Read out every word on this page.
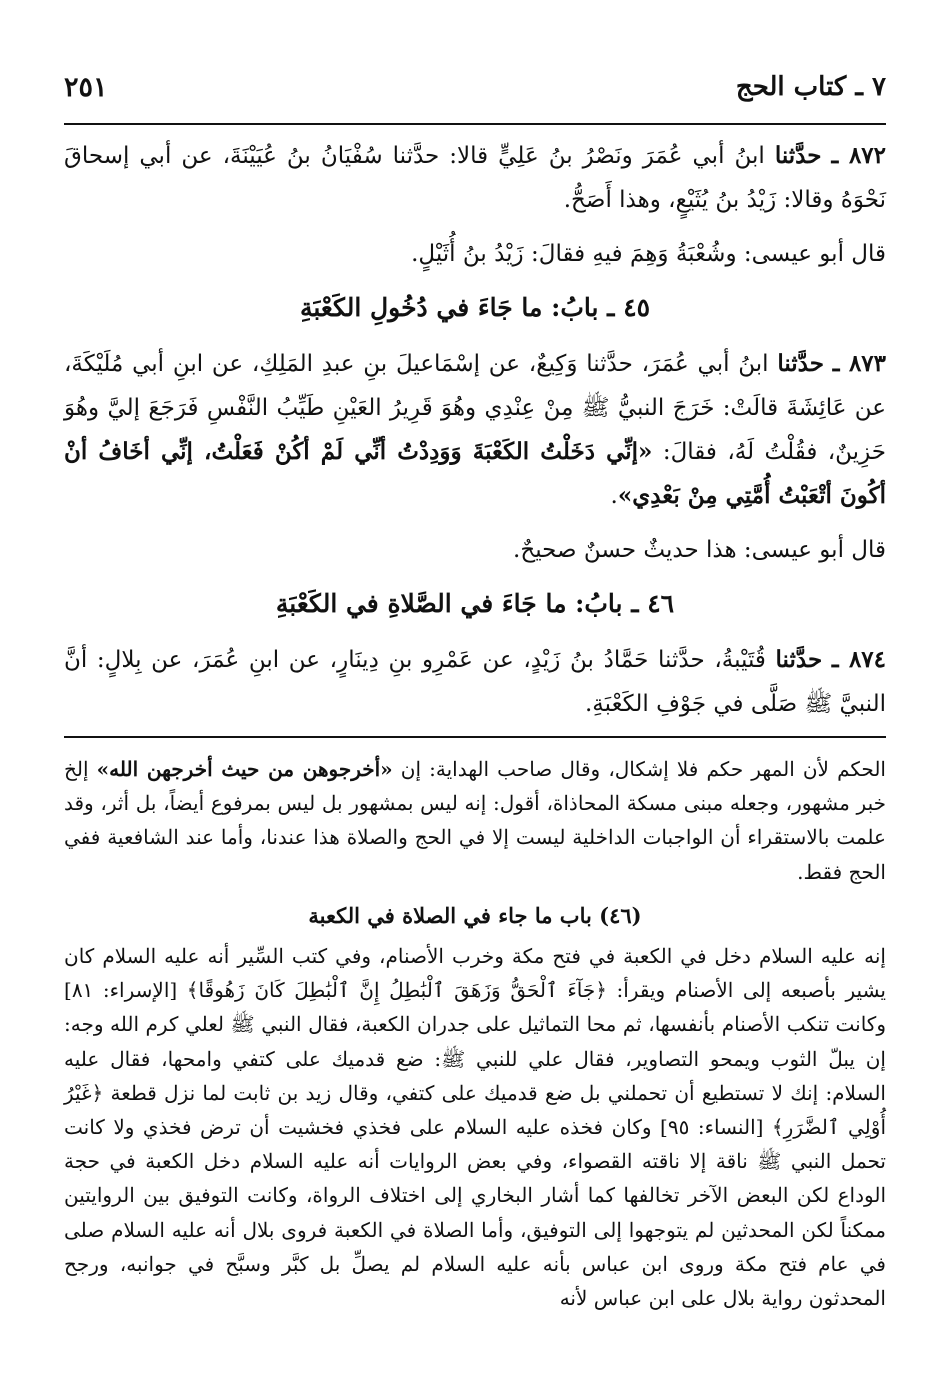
٧ ـ كتاب الحج
٢٥١

٨٧٢ ـ حدَّثنا ابنُ أبي عُمَرَ ونَصْرُ بنُ عَلِيٍّ قالا: حدَّثنا سُفْيَانُ بنُ عُيَيْنَةَ، عن أبي إسحاقَ نَحْوَهُ وقالا: زَيْدُ بنُ يُثَيْعٍ، وهذا أَصَحُّ.

قال أبو عيسى: وشُعْبَةُ وَهِمَ فيهِ فقالَ: زَيْدُ بنُ أُثَيْلٍ.

٤٥ ـ بابُ: ما جَاءَ في دُخُولِ الكَعْبَةِ

٨٧٣ ـ حدَّثنا ابنُ أبي عُمَرَ، حدَّثنا وَكِيعٌ، عن إسْمَاعيلَ بنِ عبدِ المَلِكِ، عن ابنِ أبي مُلَيْكَةَ، عن عَائِشَةَ قالَتْ: خَرَجَ النبيُّ ﷺ مِنْ عِنْدِي وهُوَ قَرِيرُ العَيْنِ طَيِّبُ النَّفْسِ فَرَجَعَ إليَّ وهُوَ حَزِينٌ، فقُلْتُ لَهُ، فقالَ: «إنِّي دَخَلْتُ الكَعْبَةَ وَوَدِدْتُ أنِّي لَمْ أكُنْ فَعَلْتُ، إنِّي أخَافُ أنْ أكُونَ أتْعَبْتُ أُمَّتِي مِنْ بَعْدِي».

قال أبو عيسى: هذا حديثٌ حسنٌ صحيحٌ.

٤٦ ـ بابُ: ما جَاءَ في الصَّلاةِ في الكَعْبَةِ

٨٧٤ ـ حدَّثنا قُتَيْبةُ، حدَّثنا حَمَّادُ بنُ زَيْدٍ، عن عَمْرِو بنِ دِينَارٍ، عن ابنِ عُمَرَ، عن بِلالٍ: أنَّ النبيَّ ﷺ صَلَّى في جَوْفِ الكَعْبَةِ.

الحكم لأن المهر حكم فلا إشكال، وقال صاحب الهداية: إن «أخرجوهن من حيث أخرجهن الله» إلخ خبر مشهور، وجعله مبنى مسكة المحاذاة، أقول: إنه ليس بمشهور بل ليس بمرفوع أيضاً، بل أثر، وقد علمت بالاستقراء أن الواجبات الداخلية ليست إلا في الحج والصلاة هذا عندنا، وأما عند الشافعية ففي الحج فقط.

(٤٦) باب ما جاء في الصلاة في الكعبة

إنه عليه السلام دخل في الكعبة في فتح مكة وخرب الأصنام، وفي كتب السِّير أنه عليه السلام كان يشير بأصبعه إلى الأصنام ويقرأ: ﴿جَآءَ ٱلْحَقُّ وَزَهَقَ ٱلْبَٰطِلُ إِنَّ ٱلْبَٰطِلَ كَانَ زَهُوقًا﴾ [الإسراء: ٨١] وكانت تنكب الأصنام بأنفسها، ثم محا التماثيل على جدران الكعبة، فقال النبي ﷺ لعلي كرم الله وجه: إن يبلّ الثوب ويمحو التصاوير، فقال علي للنبي ﷺ: ضع قدميك على كتفي وامحها، فقال عليه السلام: إنك لا تستطيع أن تحملني بل ضع قدميك على كتفي، وقال زيد بن ثابت لما نزل قطعة ﴿غَيْرُ أُوْلِي ٱلضَّرَرِ﴾ [النساء: ٩٥] وكان فخذه عليه السلام على فخذي فخشيت أن ترض فخذي ولا كانت تحمل النبي ﷺ ناقة إلا ناقته القصواء، وفي بعض الروايات أنه عليه السلام دخل الكعبة في حجة الوداع لكن البعض الآخر تخالفها كما أشار البخاري إلى اختلاف الرواة، وكانت التوفيق بين الروايتين ممكناً لكن المحدثين لم يتوجهوا إلى التوفيق، وأما الصلاة في الكعبة فروى بلال أنه عليه السلام صلى في عام فتح مكة وروى ابن عباس بأنه عليه السلام لم يصلِّ بل كبَّر وسبَّح في جوانبه، ورجح المحدثون رواية بلال على ابن عباس لأنه
